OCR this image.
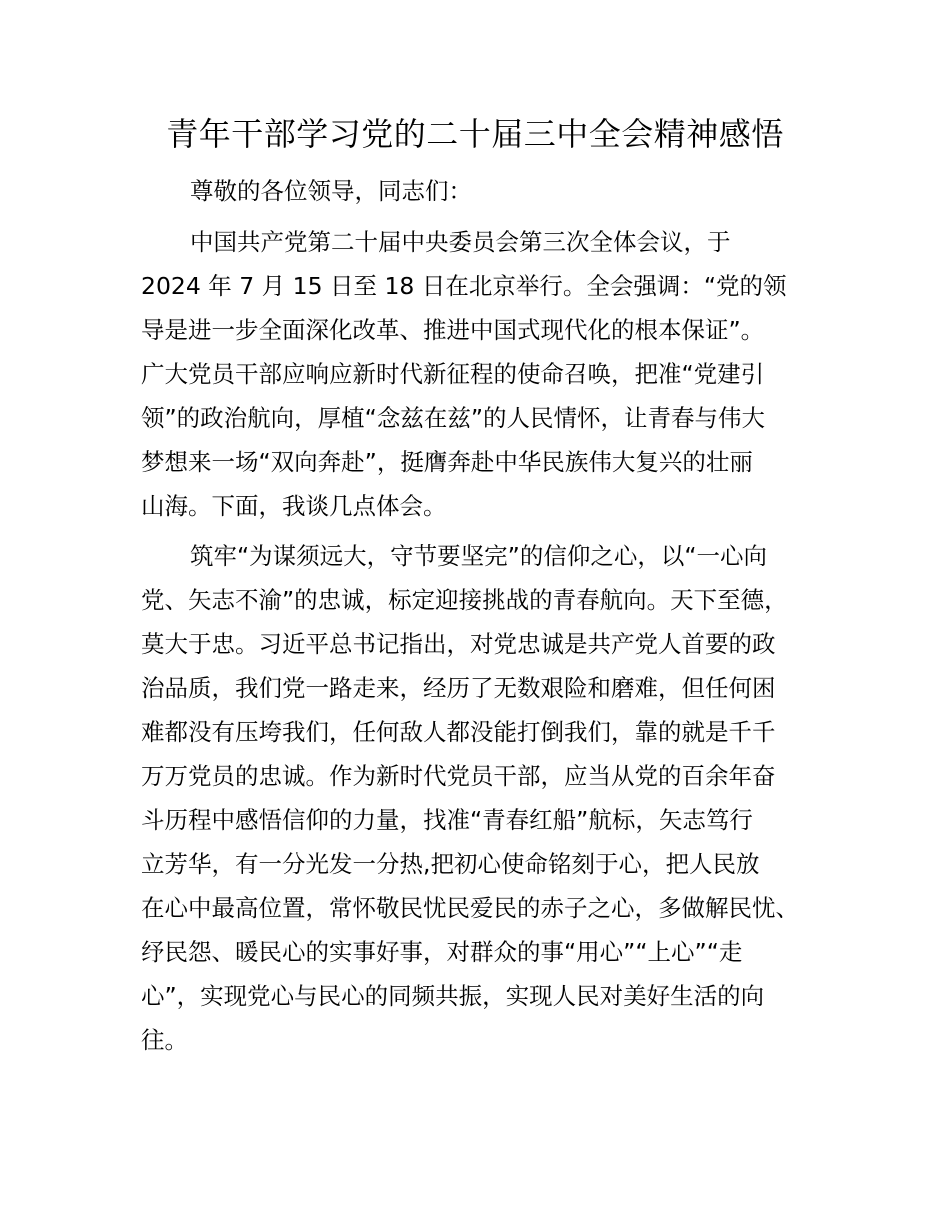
青年干部学习党的二十届三中全会精神感悟
尊敬的各位领导，同志们：
中国共产党第二十届中央委员会第三次全体会议，于
2024 年 7 月 15 日至 18 日在北京举行。全会强调：“党的领
导是进一步全面深化改革、推进中国式现代化的根本保证”。
广大党员干部应响应新时代新征程的使命召唤，把准“党建引
领”的政治航向，厚植“念兹在兹”的人民情怀，让青春与伟大
梦想来一场“双向奔赴”，挺膺奔赴中华民族伟大复兴的壮丽
山海。下面，我谈几点体会。
筑牢“为谋须远大，守节要坚完”的信仰之心，以“一心向
党、矢志不渝”的忠诚，标定迎接挑战的青春航向。天下至德，
莫大于忠。习近平总书记指出，对党忠诚是共产党人首要的政
治品质，我们党一路走来，经历了无数艰险和磨难，但任何困
难都没有压垮我们，任何敌人都没能打倒我们，靠的就是千千
万万党员的忠诚。作为新时代党员干部，应当从党的百余年奋
斗历程中感悟信仰的力量，找准“青春红船”航标，矢志笃行
立芳华，有一分光发一分热,把初心使命铭刻于心，把人民放
在心中最高位置，常怀敬民忧民爱民的赤子之心，多做解民忧、
纾民怨、暖民心的实事好事，对群众的事“用心”“上心”“走
心”，实现党心与民心的同频共振，实现人民对美好生活的向
往。
